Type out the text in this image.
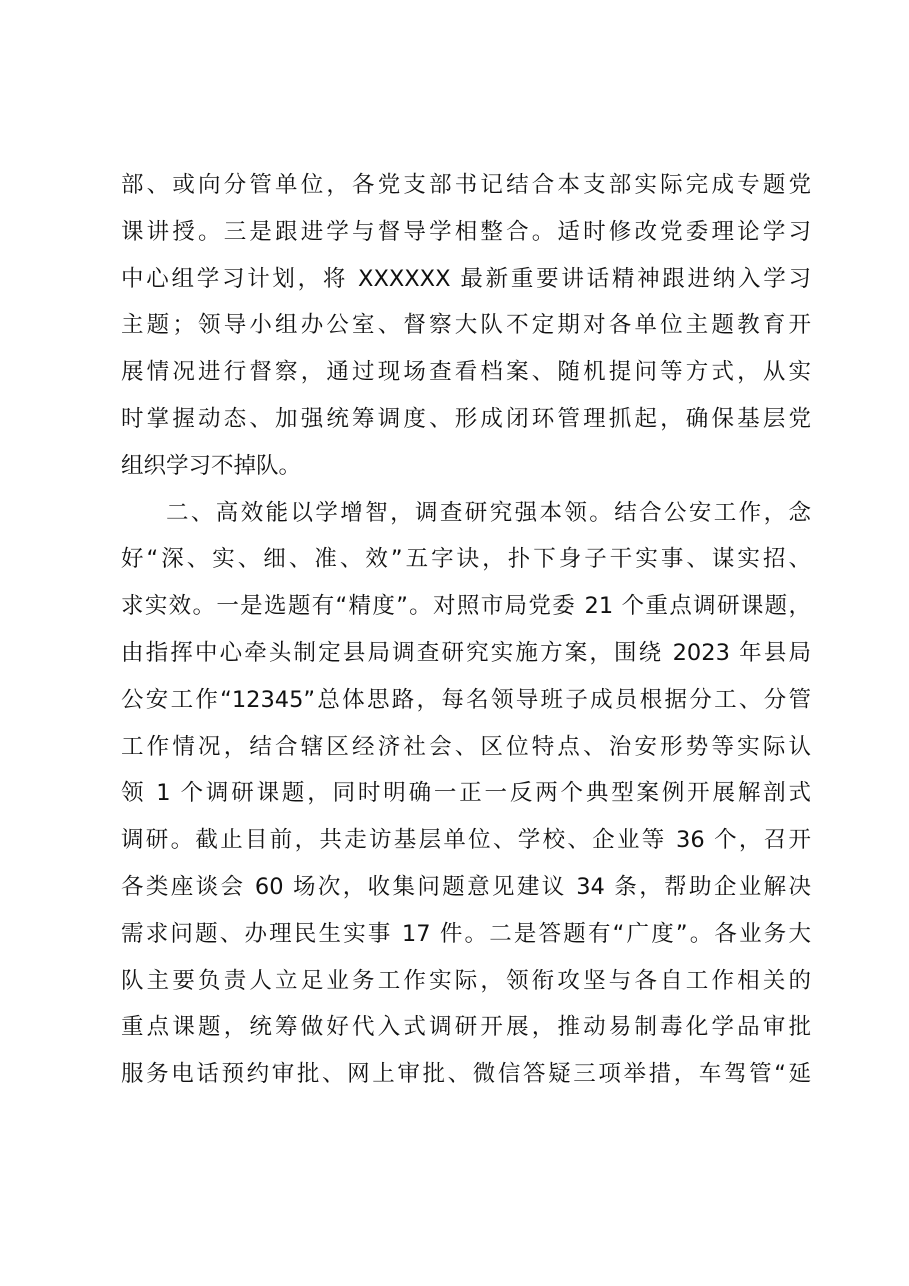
部、或向分管单位，各党支部书记结合本支部实际完成专题党
课讲授。三是跟进学与督导学相整合。适时修改党委理论学习
中心组学习计划，将 XXXXXX 最新重要讲话精神跟进纳入学习
主题；领导小组办公室、督察大队不定期对各单位主题教育开
展情况进行督察，通过现场查看档案、随机提问等方式，从实
时掌握动态、加强统筹调度、形成闭环管理抓起，确保基层党
组织学习不掉队。
二、高效能以学增智，调查研究强本领。结合公安工作，念
好“深、实、细、准、效”五字诀，扑下身子干实事、谋实招、
求实效。一是选题有“精度”。对照市局党委 21 个重点调研课题，
由指挥中心牵头制定县局调查研究实施方案，围绕 2023 年县局
公安工作“12345”总体思路，每名领导班子成员根据分工、分管
工作情况，结合辖区经济社会、区位特点、治安形势等实际认
领 1 个调研课题，同时明确一正一反两个典型案例开展解剖式
调研。截止目前，共走访基层单位、学校、企业等 36 个，召开
各类座谈会 60 场次，收集问题意见建议 34 条，帮助企业解决
需求问题、办理民生实事 17 件。二是答题有“广度”。各业务大
队主要负责人立足业务工作实际，领衔攻坚与各自工作相关的
重点课题，统筹做好代入式调研开展，推动易制毒化学品审批
服务电话预约审批、网上审批、微信答疑三项举措，车驾管“延
